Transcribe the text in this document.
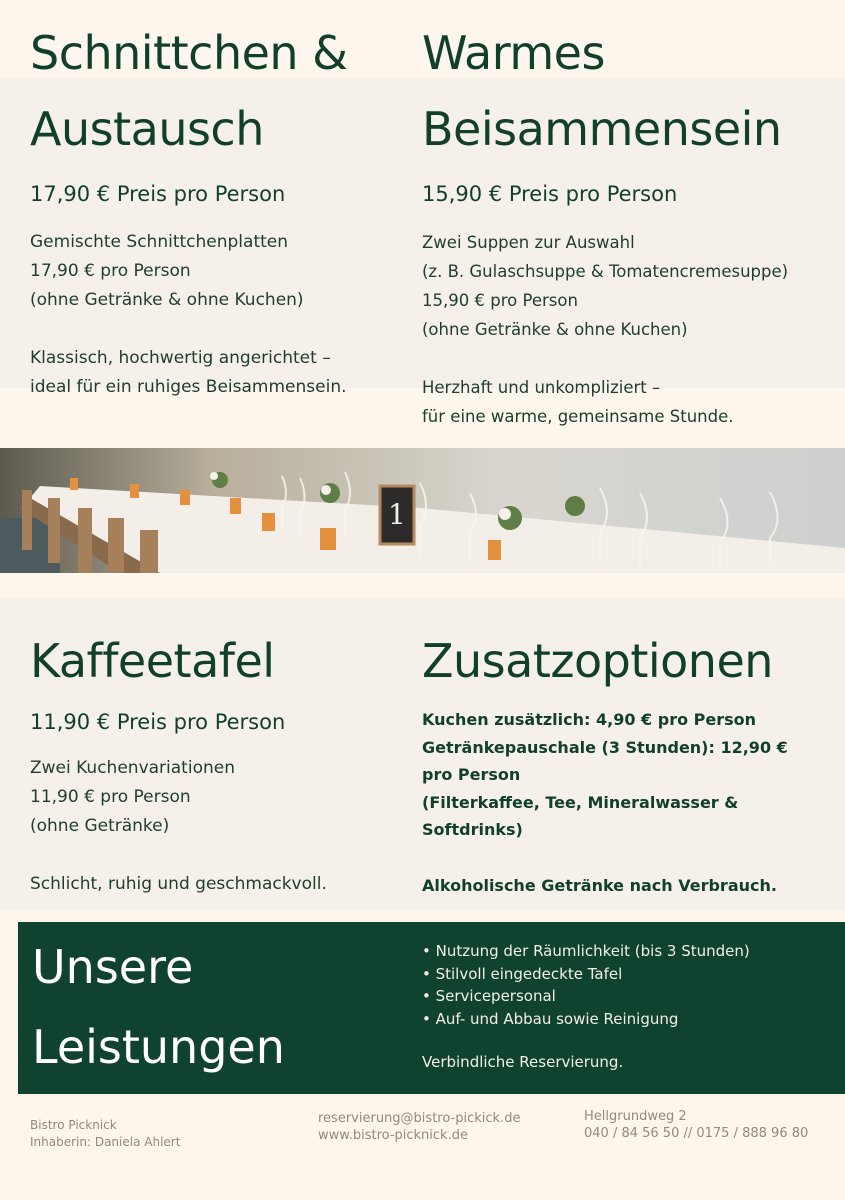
Schnittchen &
Austausch
17,90 € Preis pro Person
Gemischte Schnittchenplatten
17,90 € pro Person
(ohne Getränke & ohne Kuchen)
Klassisch, hochwertig angerichtet –
ideal für ein ruhiges Beisammensein.
Warmes
Beisammensein
15,90 € Preis pro Person
Zwei Suppen zur Auswahl
(z. B. Gulaschsuppe & Tomatencremesuppe)
15,90 € pro Person
(ohne Getränke & ohne Kuchen)
Herzhaft und unkompliziert –
für eine warme, gemeinsame Stunde.
1
Kaffeetafel
11,90 € Preis pro Person
Zwei Kuchenvariationen
11,90 € pro Person
(ohne Getränke)
Schlicht, ruhig und geschmackvoll.
Zusatzoptionen
Kuchen zusätzlich: 4,90 € pro Person
Getränkepauschale (3 Stunden): 12,90 €
pro Person
(Filterkaffee, Tee, Mineralwasser &
Softdrinks)
Alkoholische Getränke nach Verbrauch.
Unsere
Leistungen
• Nutzung der Räumlichkeit (bis 3 Stunden)
• Stilvoll eingedeckte Tafel
• Servicepersonal
• Auf- und Abbau sowie Reinigung
Verbindliche Reservierung.
Bistro Picknick
Inhaberin: Daniela Ahlert
reservierung@bistro-pickick.de
www.bistro-picknick.de
Hellgrundweg 2
040 / 84 56 50 // 0175 / 888 96 80
